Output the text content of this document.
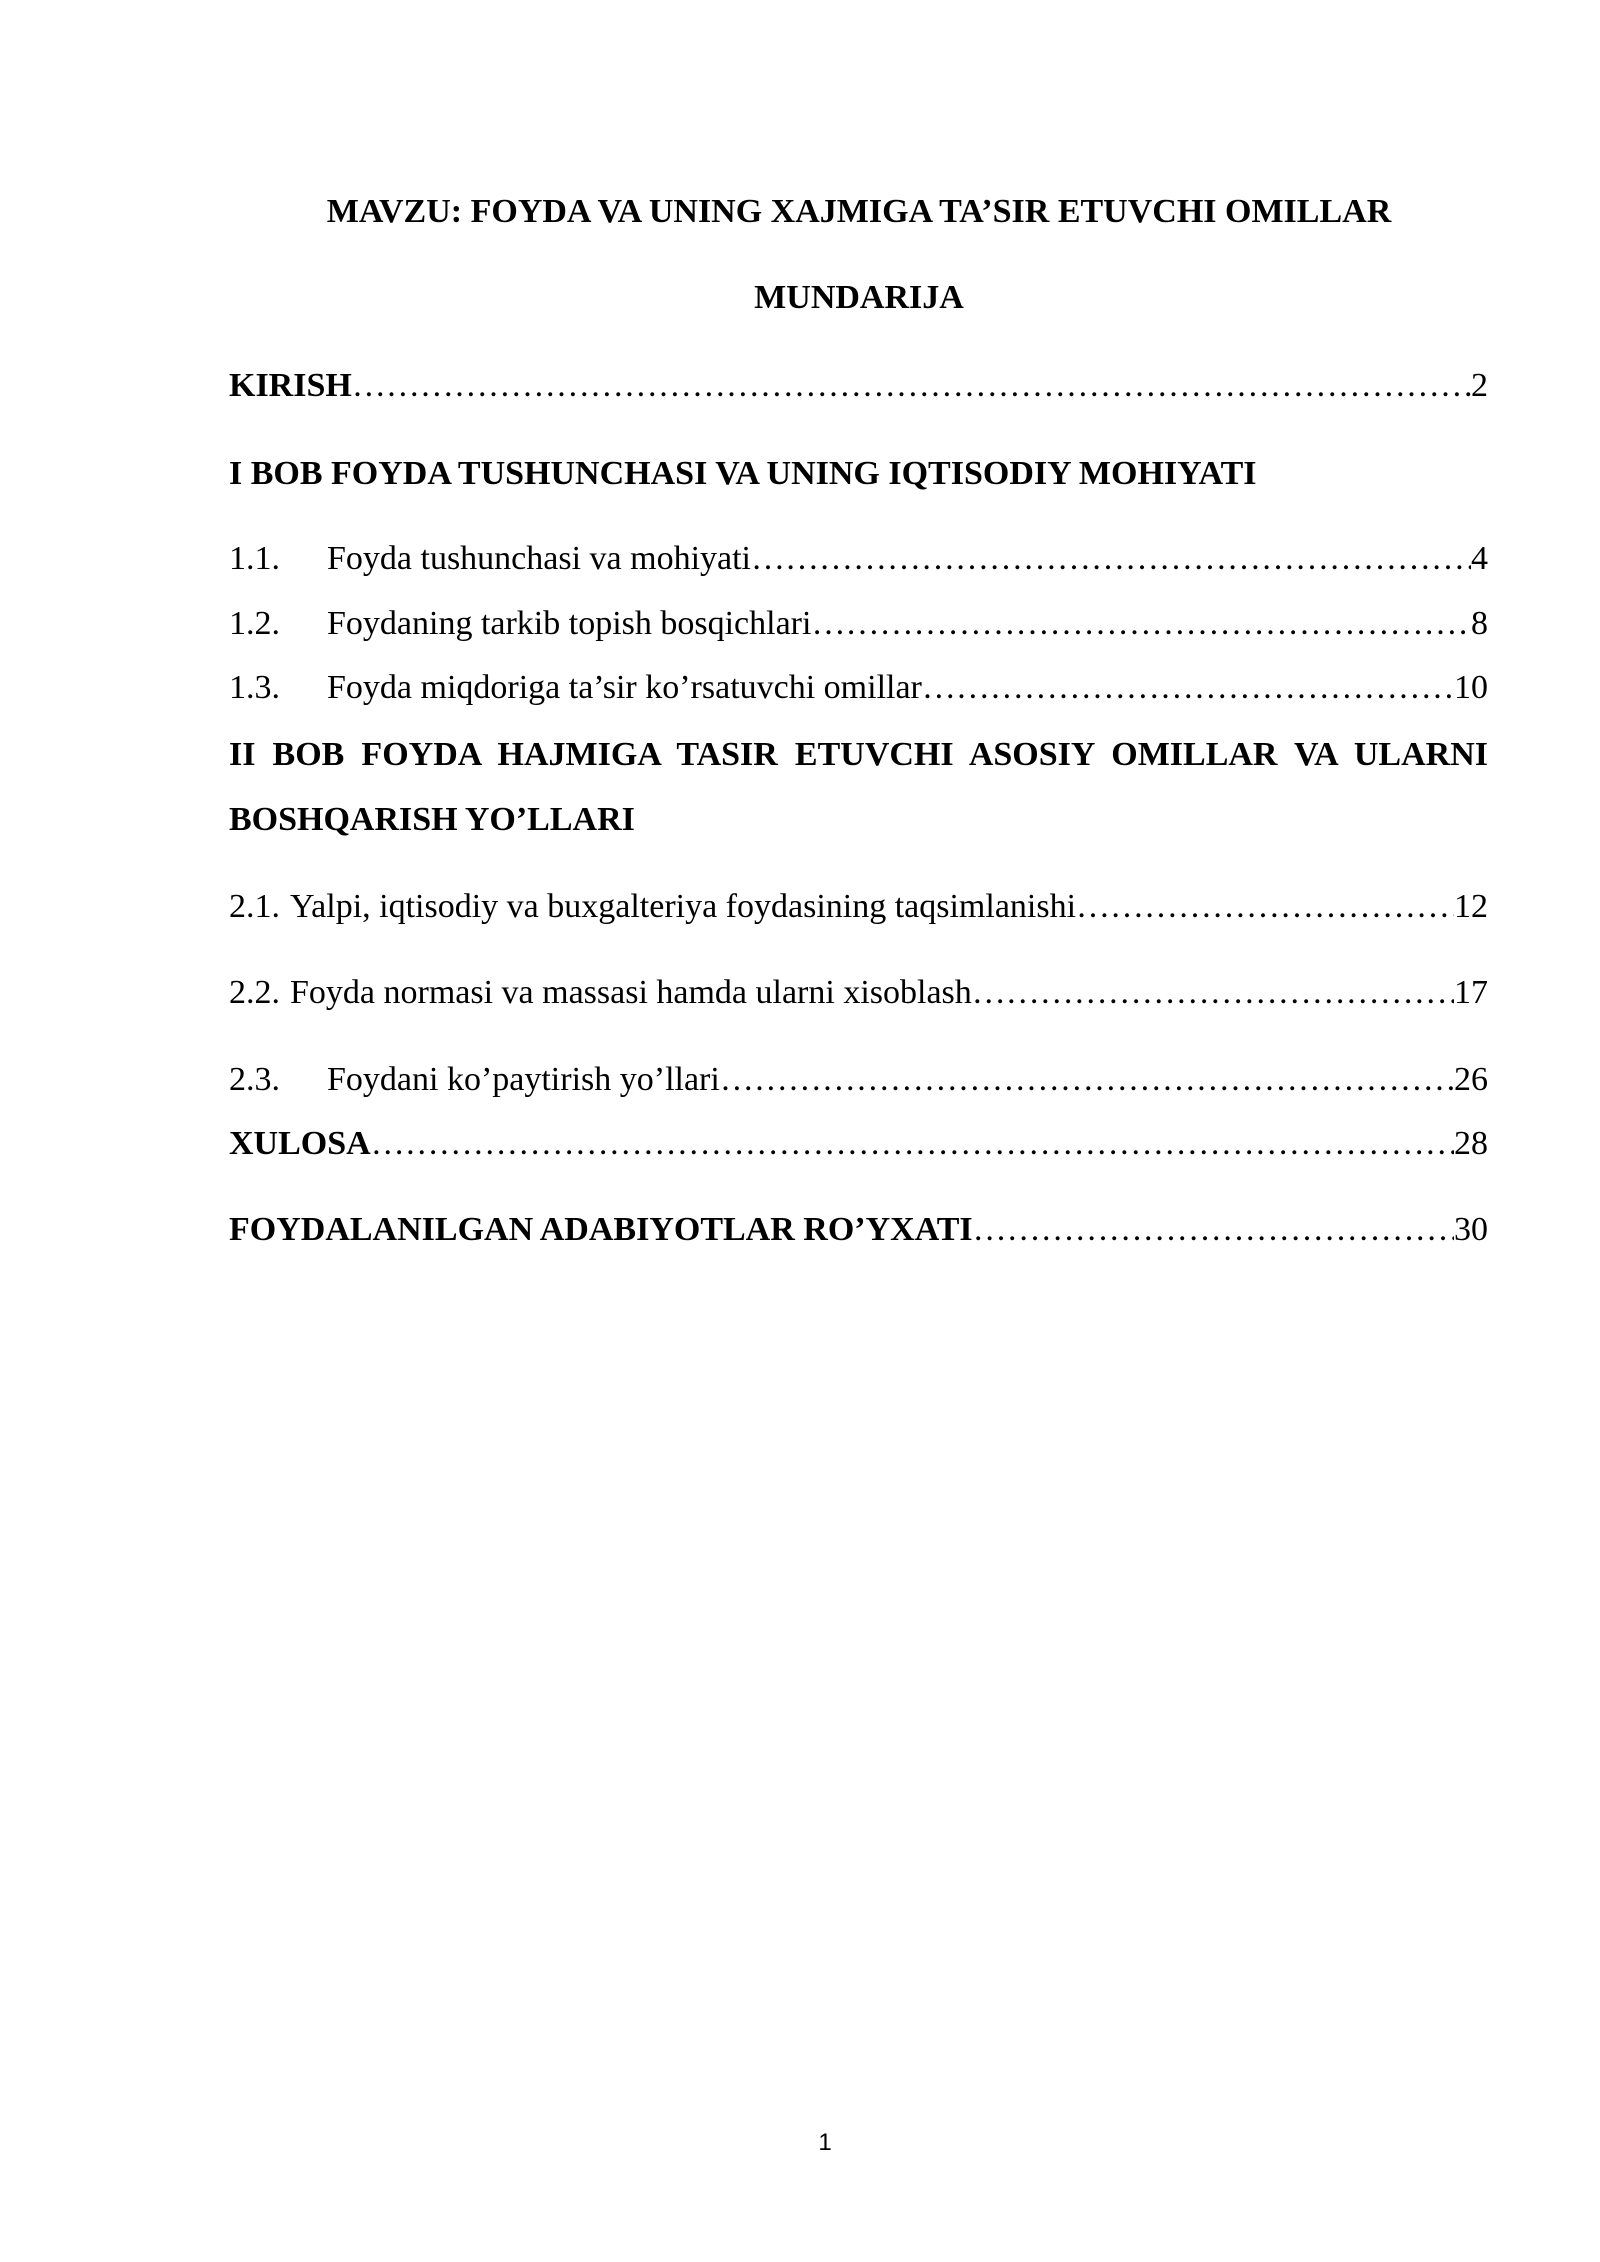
MAVZU: FOYDA VA UNING XAJMIGA TA’SIR ETUVCHI OMILLAR
MUNDARIJA
KIRISH ……………………………………………………………………………………………………………………………………………………………………………………………	2
I BOB FOYDA TUSHUNCHASI VA UNING IQTISODIY MOHIYATI
1.1.	Foyda tushunchasi va mohiyati ……………………………………………………………………………………………………………………………………………………………………………………………	4
1.2.	Foydaning tarkib topish bosqichlari ……………………………………………………………………………………………………………………………………………………………………………………………	8
1.3.	Foyda miqdoriga ta’sir ko’rsatuvchi omillar ……………………………………………………………………………………………………………………………………………………………………………………………	10
II BOB FOYDA HAJMIGA TASIR ETUVCHI ASOSIY OMILLAR VA ULARNI BOSHQARISH YO’LLARI
2.1. Yalpi, iqtisodiy va buxgalteriya foydasining taqsimlanishi ……………………………………………………………………………………………………………………………………………………………………………………………	12
2.2. Foyda normasi va massasi hamda ularni xisoblash ……………………………………………………………………………………………………………………………………………………………………………………………	17
2.3.	Foydani ko’paytirish yo’llari ……………………………………………………………………………………………………………………………………………………………………………………………	26
XULOSA ……………………………………………………………………………………………………………………………………………………………………………………………	28
FOYDALANILGAN ADABIYOTLAR RO’YXATI ……………………………………………………………………………………………………………………………………………………………………………………………	30
1
